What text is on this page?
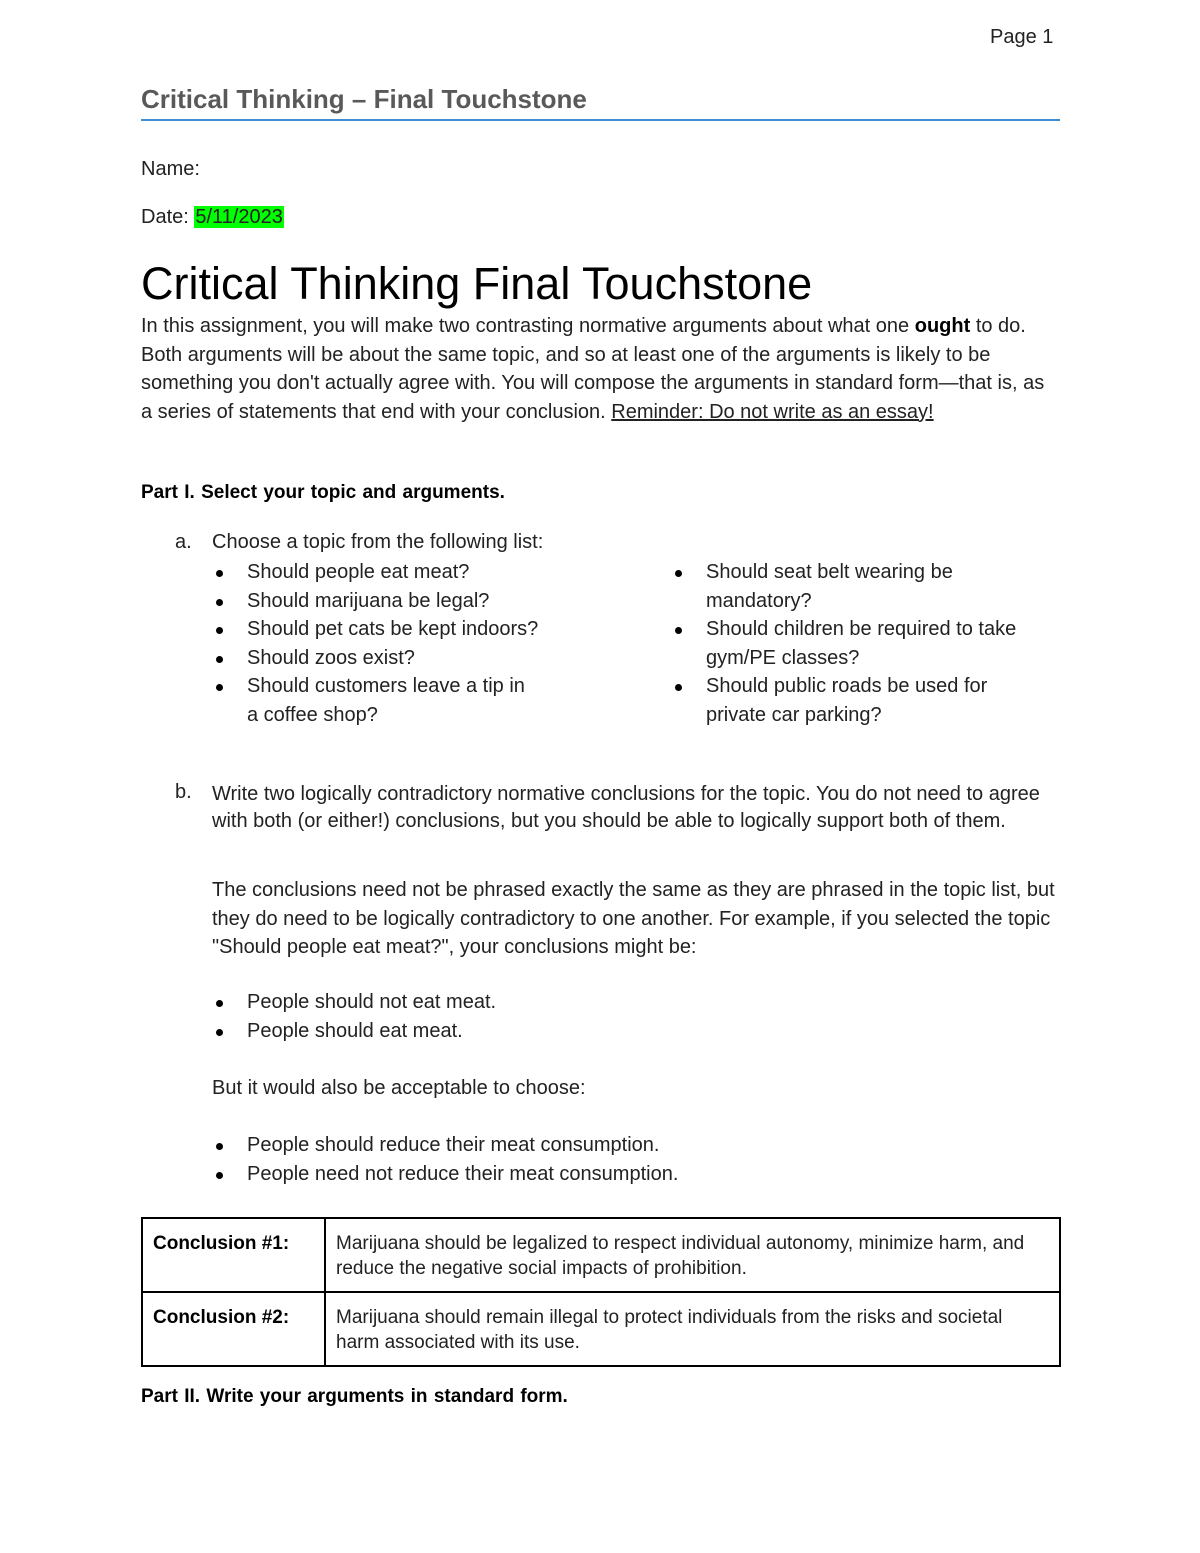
Page 1
Critical Thinking – Final Touchstone
Name:
Date: 5/11/2023
Critical Thinking Final Touchstone

In this assignment, you will make two contrasting normative arguments about what one ought to do. Both arguments will be about the same topic, and so at least one of the arguments is likely to be something you don't actually agree with. You will compose the arguments in standard form—that is, as a series of statements that end with your conclusion. Reminder: Do not write as an essay!

Part I. Select your topic and arguments.

a. Choose a topic from the following list:
Should people eat meat?
Should marijuana be legal?
Should pet cats be kept indoors?
Should zoos exist?
Should customers leave a tip in a coffee shop?
Should seat belt wearing be mandatory?
Should children be required to take gym/PE classes?
Should public roads be used for private car parking?
b. Write two logically contradictory normative conclusions for the topic. You do not need to agree with both (or either!) conclusions, but you should be able to logically support both of them.

The conclusions need not be phrased exactly the same as they are phrased in the topic list, but they do need to be logically contradictory to one another. For example, if you selected the topic "Should people eat meat?", your conclusions might be:

People should not eat meat.
People should eat meat.

But it would also be acceptable to choose:

People should reduce their meat consumption.
People need not reduce their meat consumption.
Conclusion #1:	Marijuana should be legalized to respect individual autonomy, minimize harm, and reduce the negative social impacts of prohibition.
Conclusion #2:	Marijuana should remain illegal to protect individuals from the risks and societal harm associated with its use.

Part II. Write your arguments in standard form.
